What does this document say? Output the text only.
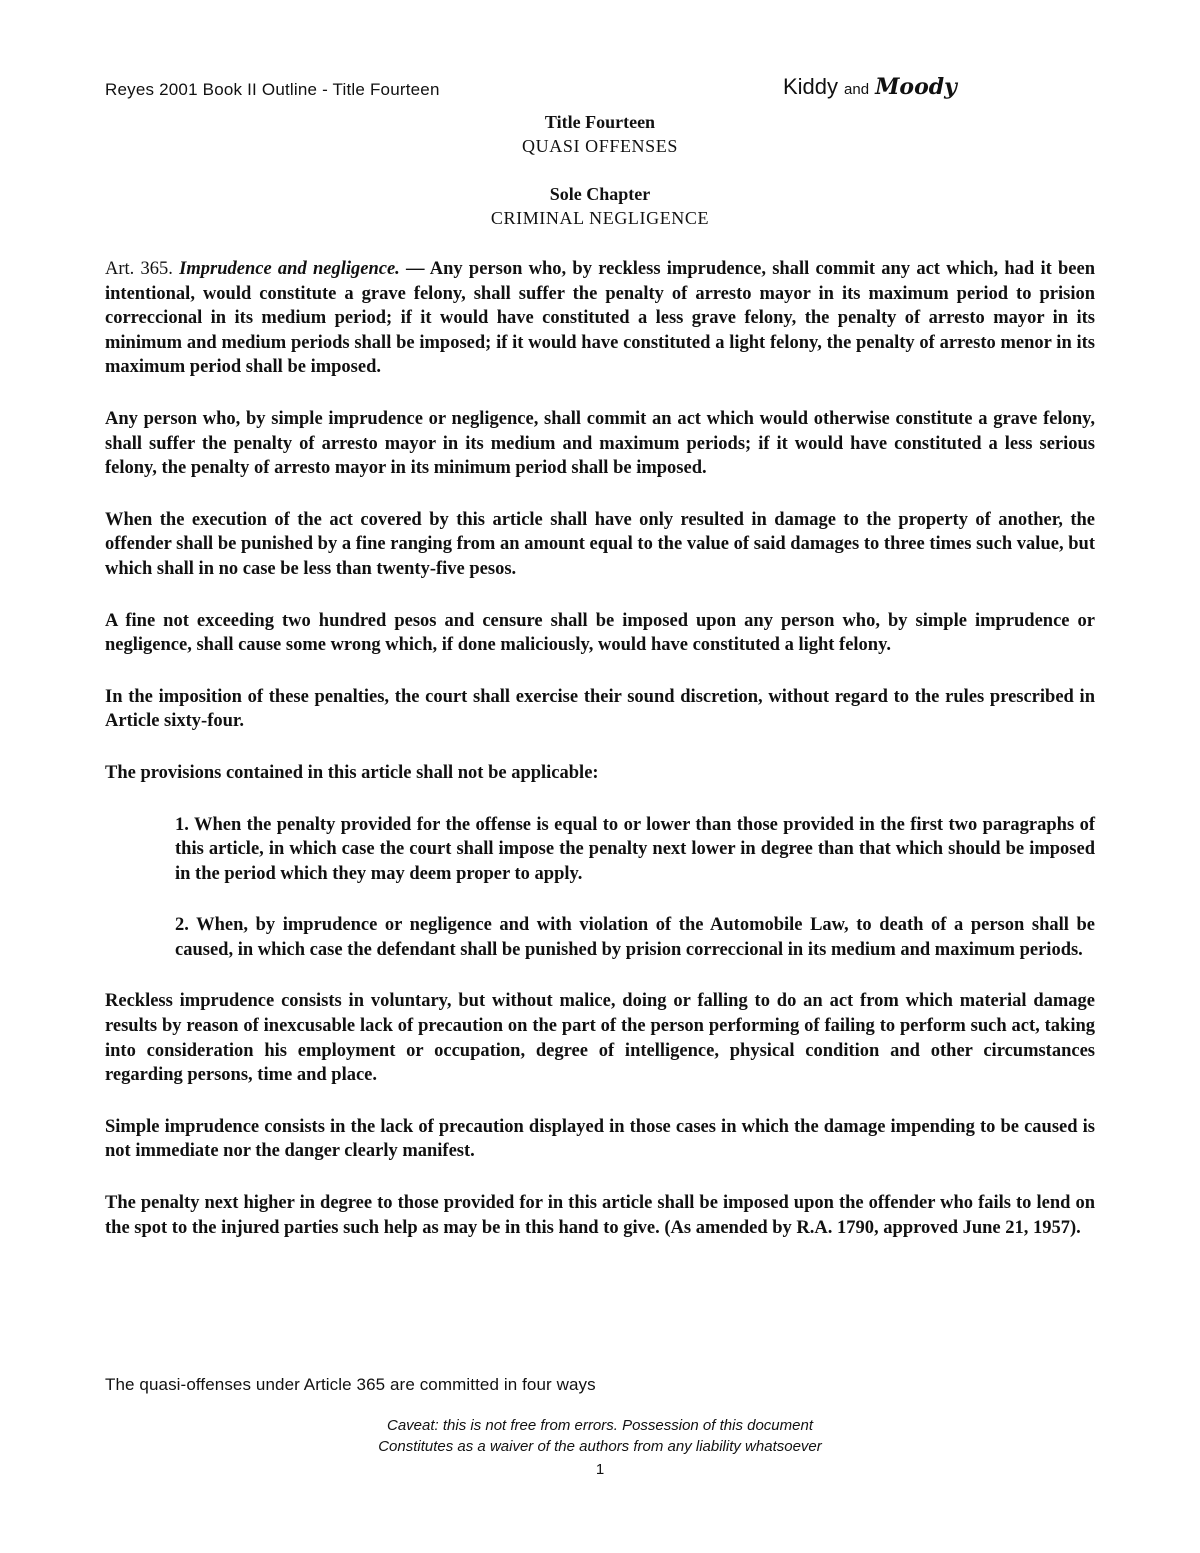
Reyes 2001 Book II Outline - Title Fourteen	Kiddy and Moody
Title Fourteen
QUASI OFFENSES
Sole Chapter
CRIMINAL NEGLIGENCE

Art. 365. Imprudence and negligence. — Any person who, by reckless imprudence, shall commit any act which, had it been intentional, would constitute a grave felony, shall suffer the penalty of arresto mayor in its maximum period to prision correccional in its medium period; if it would have constituted a less grave felony, the penalty of arresto mayor in its minimum and medium periods shall be imposed; if it would have constituted a light felony, the penalty of arresto menor in its maximum period shall be imposed.

Any person who, by simple imprudence or negligence, shall commit an act which would otherwise constitute a grave felony, shall suffer the penalty of arresto mayor in its medium and maximum periods; if it would have constituted a less serious felony, the penalty of arresto mayor in its minimum period shall be imposed.

When the execution of the act covered by this article shall have only resulted in damage to the property of another, the offender shall be punished by a fine ranging from an amount equal to the value of said damages to three times such value, but which shall in no case be less than twenty-five pesos.

A fine not exceeding two hundred pesos and censure shall be imposed upon any person who, by simple imprudence or negligence, shall cause some wrong which, if done maliciously, would have constituted a light felony.

In the imposition of these penalties, the court shall exercise their sound discretion, without regard to the rules prescribed in Article sixty-four.

The provisions contained in this article shall not be applicable:

1. When the penalty provided for the offense is equal to or lower than those provided in the first two paragraphs of this article, in which case the court shall impose the penalty next lower in degree than that which should be imposed in the period which they may deem proper to apply.

2. When, by imprudence or negligence and with violation of the Automobile Law, to death of a person shall be caused, in which case the defendant shall be punished by prision correccional in its medium and maximum periods.

Reckless imprudence consists in voluntary, but without malice, doing or falling to do an act from which material damage results by reason of inexcusable lack of precaution on the part of the person performing of failing to perform such act, taking into consideration his employment or occupation, degree of intelligence, physical condition and other circumstances regarding persons, time and place.

Simple imprudence consists in the lack of precaution displayed in those cases in which the damage impending to be caused is not immediate nor the danger clearly manifest.

The penalty next higher in degree to those provided for in this article shall be imposed upon the offender who fails to lend on the spot to the injured parties such help as may be in this hand to give. (As amended by R.A. 1790, approved June 21, 1957).

The quasi-offenses under Article 365 are committed in four ways
Caveat: this is not free from errors. Possession of this document
Constitutes as a waiver of the authors from any liability whatsoever
1
